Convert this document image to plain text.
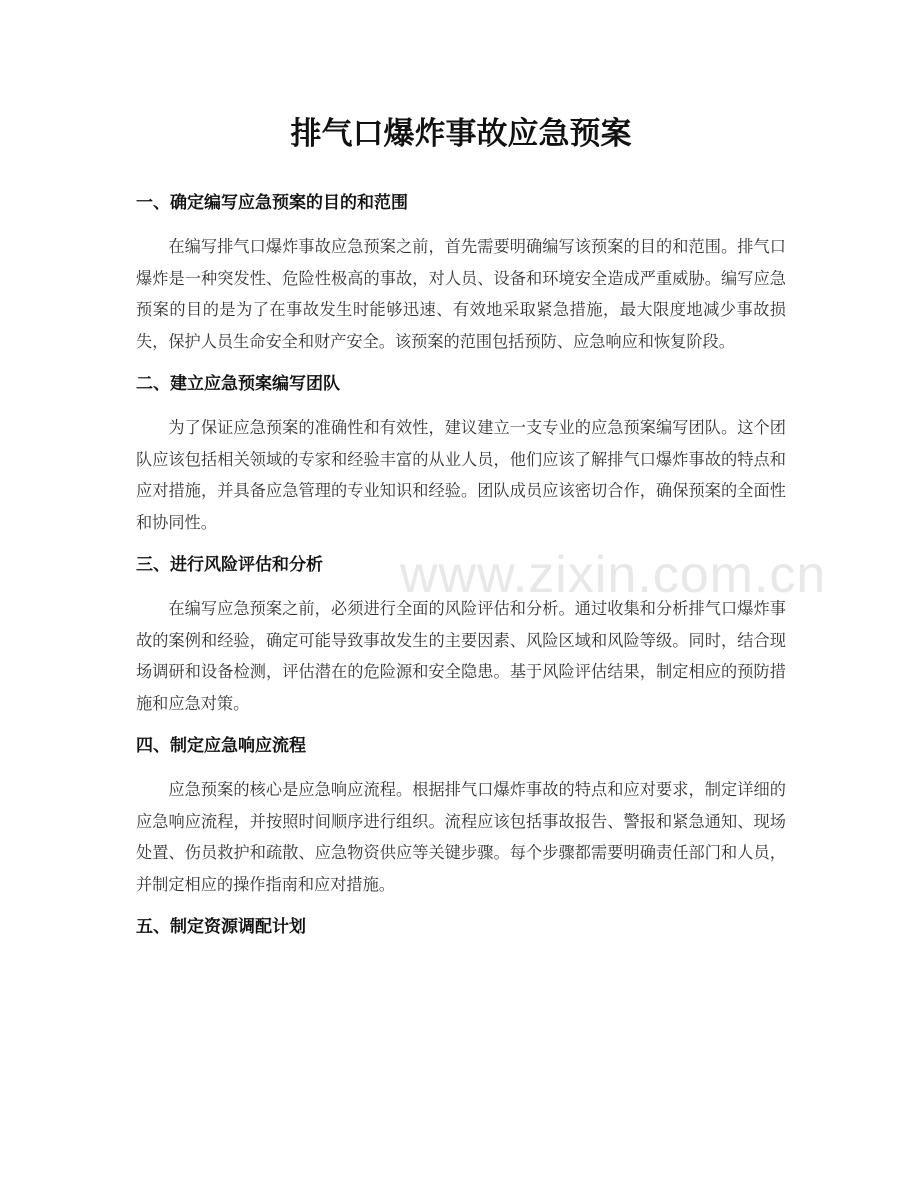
www.zixin.com.cn
排气口爆炸事故应急预案
一、确定编写应急预案的目的和范围

在编写排气口爆炸事故应急预案之前，首先需要明确编写该预案的目的和范围。排气口爆炸是一种突发性、危险性极高的事故，对人员、设备和环境安全造成严重威胁。编写应急预案的目的是为了在事故发生时能够迅速、有效地采取紧急措施，最大限度地减少事故损失，保护人员生命安全和财产安全。该预案的范围包括预防、应急响应和恢复阶段。

二、建立应急预案编写团队

为了保证应急预案的准确性和有效性，建议建立一支专业的应急预案编写团队。这个团队应该包括相关领域的专家和经验丰富的从业人员，他们应该了解排气口爆炸事故的特点和应对措施，并具备应急管理的专业知识和经验。团队成员应该密切合作，确保预案的全面性和协同性。

三、进行风险评估和分析

在编写应急预案之前，必须进行全面的风险评估和分析。通过收集和分析排气口爆炸事故的案例和经验，确定可能导致事故发生的主要因素、风险区域和风险等级。同时，结合现场调研和设备检测，评估潜在的危险源和安全隐患。基于风险评估结果，制定相应的预防措施和应急对策。

四、制定应急响应流程

应急预案的核心是应急响应流程。根据排气口爆炸事故的特点和应对要求，制定详细的应急响应流程，并按照时间顺序进行组织。流程应该包括事故报告、警报和紧急通知、现场处置、伤员救护和疏散、应急物资供应等关键步骤。每个步骤都需要明确责任部门和人员，并制定相应的操作指南和应对措施。

五、制定资源调配计划
